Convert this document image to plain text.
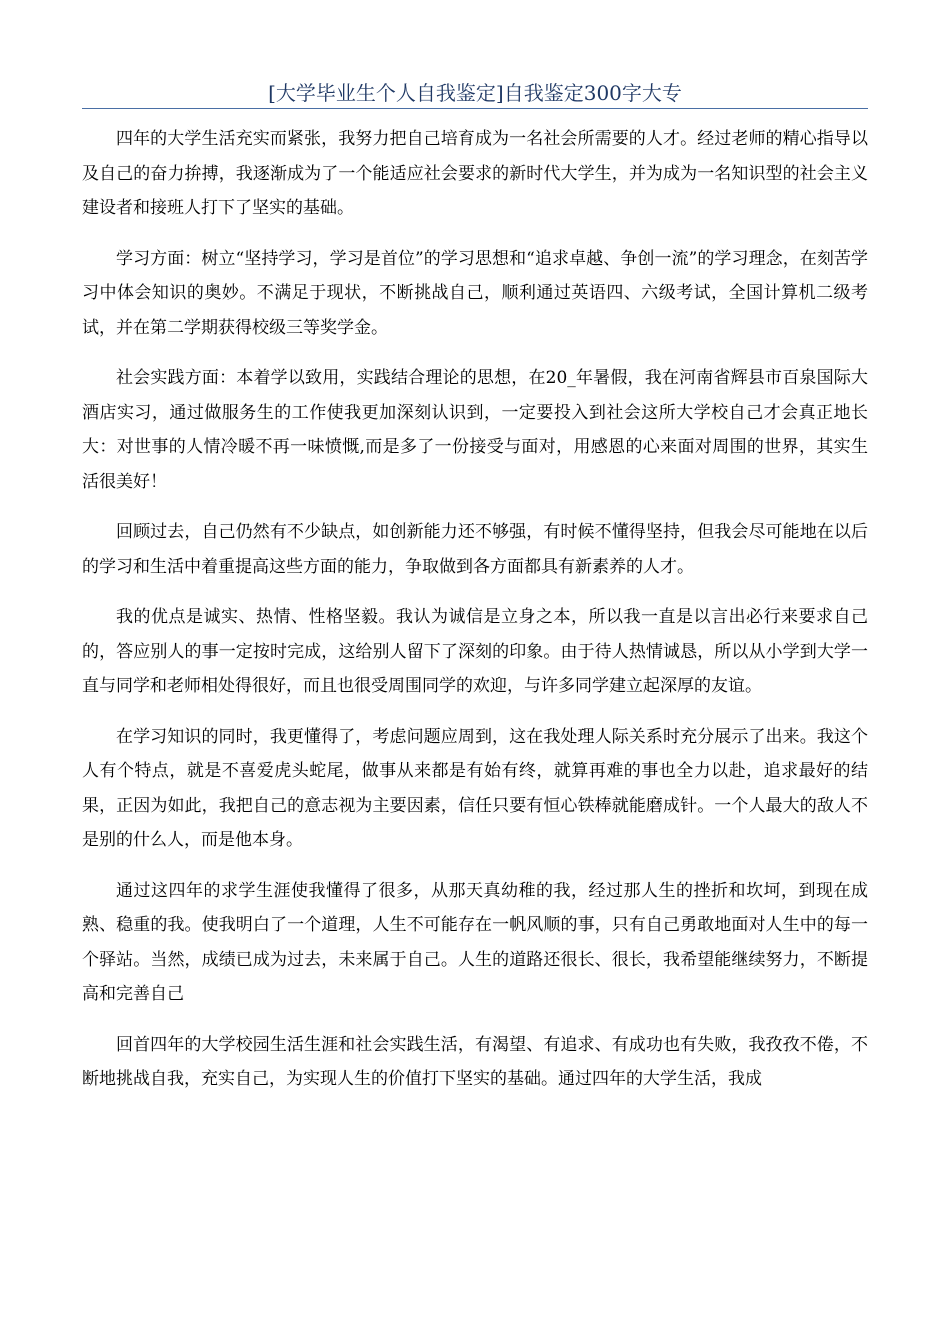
[大学毕业生个人自我鉴定]自我鉴定300字大专

四年的大学生活充实而紧张，我努力把自己培育成为一名社会所需要的人才。经过老师的精心指导以及自己的奋力拚搏，我逐渐成为了一个能适应社会要求的新时代大学生，并为成为一名知识型的社会主义建设者和接班人打下了坚实的基础。

学习方面：树立“坚持学习，学习是首位”的学习思想和“追求卓越、争创一流”的学习理念，在刻苦学习中体会知识的奥妙。不满足于现状，不断挑战自己，顺利通过英语四、六级考试，全国计算机二级考试，并在第二学期获得校级三等奖学金。

社会实践方面：本着学以致用，实践结合理论的思想，在20_年暑假，我在河南省辉县市百泉国际大酒店实习，通过做服务生的工作使我更加深刻认识到，一定要投入到社会这所大学校自己才会真正地长大：对世事的人情冷暖不再一味愤慨,而是多了一份接受与面对，用感恩的心来面对周围的世界，其实生活很美好！

回顾过去，自己仍然有不少缺点，如创新能力还不够强，有时候不懂得坚持，但我会尽可能地在以后的学习和生活中着重提高这些方面的能力，争取做到各方面都具有新素养的人才。

我的优点是诚实、热情、性格坚毅。我认为诚信是立身之本，所以我一直是以言出必行来要求自己的，答应别人的事一定按时完成，这给别人留下了深刻的印象。由于待人热情诚恳，所以从小学到大学一直与同学和老师相处得很好，而且也很受周围同学的欢迎，与许多同学建立起深厚的友谊。

在学习知识的同时，我更懂得了，考虑问题应周到，这在我处理人际关系时充分展示了出来。我这个人有个特点，就是不喜爱虎头蛇尾，做事从来都是有始有终，就算再难的事也全力以赴，追求最好的结果，正因为如此，我把自己的意志视为主要因素，信任只要有恒心铁棒就能磨成针。一个人最大的敌人不是别的什么人，而是他本身。

通过这四年的求学生涯使我懂得了很多，从那天真幼稚的我，经过那人生的挫折和坎坷，到现在成熟、稳重的我。使我明白了一个道理，人生不可能存在一帆风顺的事，只有自己勇敢地面对人生中的每一个驿站。当然，成绩已成为过去，未来属于自己。人生的道路还很长、很长，我希望能继续努力，不断提高和完善自己

回首四年的大学校园生活生涯和社会实践生活，有渴望、有追求、有成功也有失败，我孜孜不倦，不断地挑战自我，充实自己，为实现人生的价值打下坚实的基础。通过四年的大学生活，我成
